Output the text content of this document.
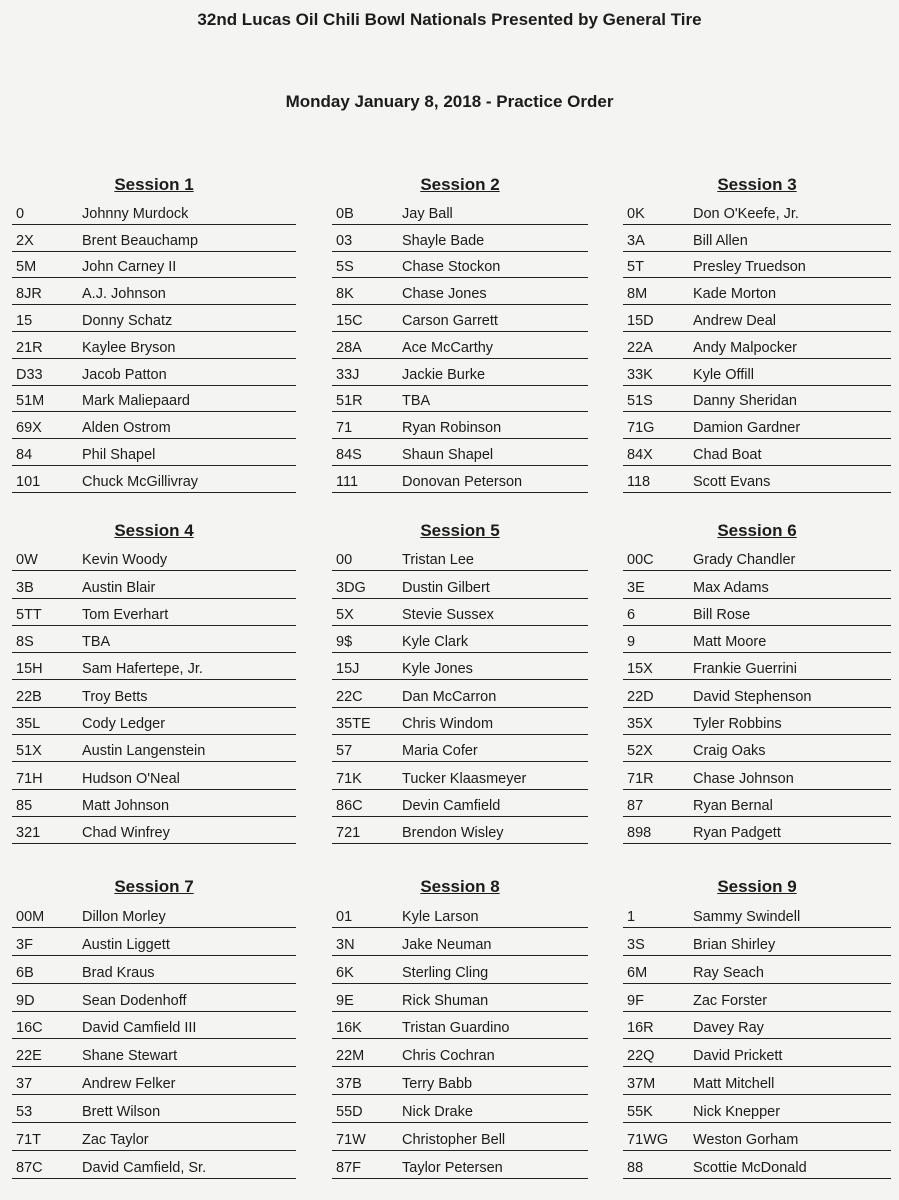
32nd Lucas Oil Chili Bowl Nationals Presented by General Tire
Monday January 8, 2018 - Practice Order
Session 1
0	Johnny Murdock
2X	Brent Beauchamp
5M	John Carney II
8JR	A.J. Johnson
15	Donny Schatz
21R	Kaylee Bryson
D33	Jacob Patton
51M	Mark Maliepaard
69X	Alden Ostrom
84	Phil Shapel
101	Chuck McGillivray
Session 2
0B	Jay Ball
03	Shayle Bade
5S	Chase Stockon
8K	Chase Jones
15C	Carson Garrett
28A	Ace McCarthy
33J	Jackie Burke
51R	TBA
71	Ryan Robinson
84S	Shaun Shapel
111	Donovan Peterson
Session 3
0K	Don O'Keefe, Jr.
3A	Bill Allen
5T	Presley Truedson
8M	Kade Morton
15D	Andrew Deal
22A	Andy Malpocker
33K	Kyle Offill
51S	Danny Sheridan
71G	Damion Gardner
84X	Chad Boat
118	Scott Evans
Session 4
0W	Kevin Woody
3B	Austin Blair
5TT	Tom Everhart
8S	TBA
15H	Sam Hafertepe, Jr.
22B	Troy Betts
35L	Cody Ledger
51X	Austin Langenstein
71H	Hudson O'Neal
85	Matt Johnson
321	Chad Winfrey
Session 5
00	Tristan Lee
3DG	Dustin Gilbert
5X	Stevie Sussex
9$	Kyle Clark
15J	Kyle Jones
22C	Dan McCarron
35TE	Chris Windom
57	Maria Cofer
71K	Tucker Klaasmeyer
86C	Devin Camfield
721	Brendon Wisley
Session 6
00C	Grady Chandler
3E	Max Adams
6	Bill Rose
9	Matt Moore
15X	Frankie Guerrini
22D	David Stephenson
35X	Tyler Robbins
52X	Craig Oaks
71R	Chase Johnson
87	Ryan Bernal
898	Ryan Padgett
Session 7
00M	Dillon Morley
3F	Austin Liggett
6B	Brad Kraus
9D	Sean Dodenhoff
16C	David Camfield III
22E	Shane Stewart
37	Andrew Felker
53	Brett Wilson
71T	Zac Taylor
87C	David Camfield, Sr.
Session 8
01	Kyle Larson
3N	Jake Neuman
6K	Sterling Cling
9E	Rick Shuman
16K	Tristan Guardino
22M	Chris Cochran
37B	Terry Babb
55D	Nick Drake
71W	Christopher Bell
87F	Taylor Petersen
Session 9
1	Sammy Swindell
3S	Brian Shirley
6M	Ray Seach
9F	Zac Forster
16R	Davey Ray
22Q	David Prickett
37M	Matt Mitchell
55K	Nick Knepper
71WG	Weston Gorham
88	Scottie McDonald
